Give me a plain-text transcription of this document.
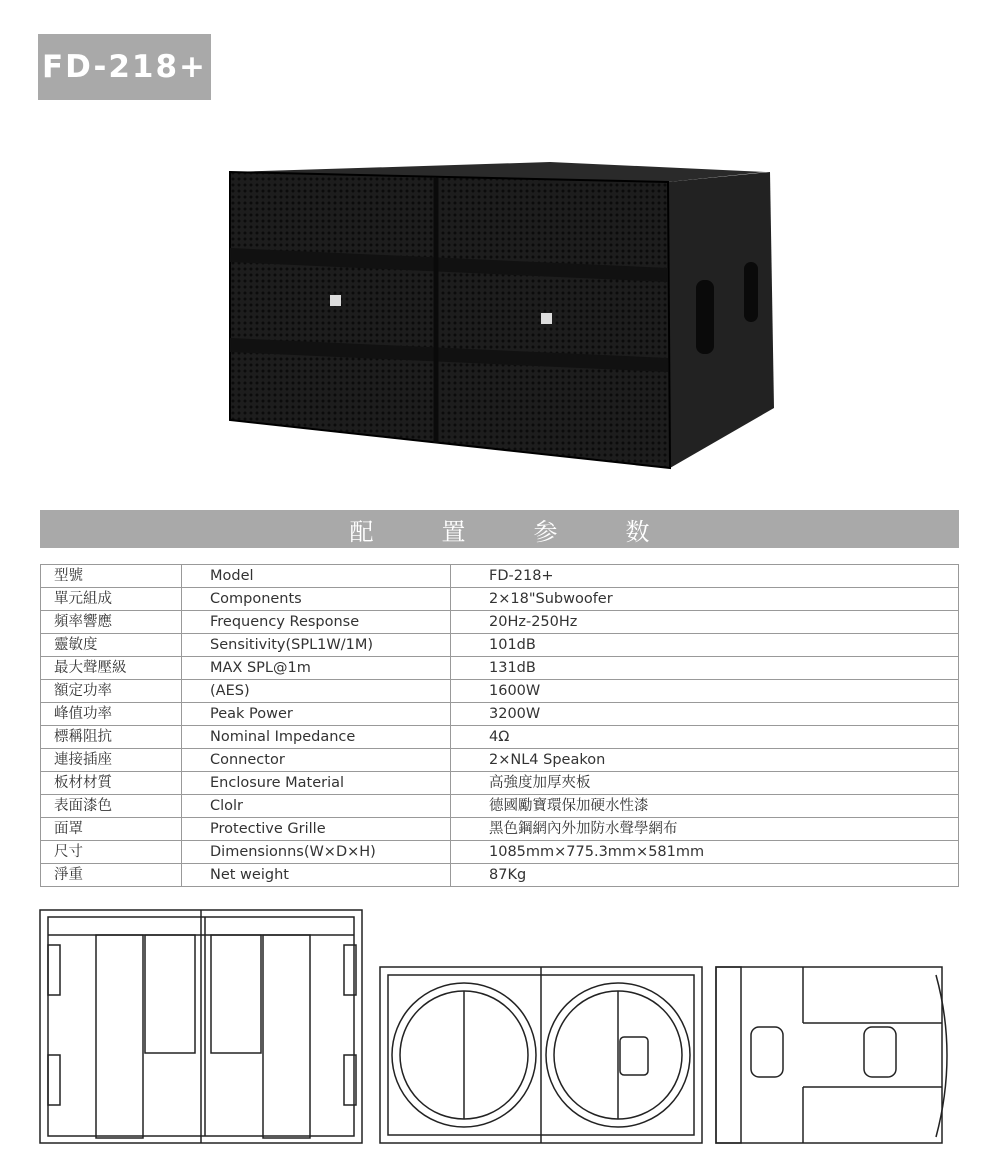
FD-218+
配置参数
型號	Model	FD-218+
單元組成	Components	2×18"Subwoofer
頻率響應	Frequency Response	20Hz-250Hz
靈敏度	Sensitivity(SPL1W/1M)	101dB
最大聲壓級	MAX SPL@1m	131dB
額定功率	(AES)	1600W
峰值功率	Peak Power	3200W
標稱阻抗	Nominal Impedance	4Ω
連接插座	Connector	2×NL4 Speakon
板材材質	Enclosure Material	高強度加厚夾板
表面漆色	Clolr	德國勵寶環保加硬水性漆
面罩	Protective Grille	黑色鋼網內外加防水聲學網布
尺寸	Dimensionns(W×D×H)	1085mm×775.3mm×581mm
淨重	Net weight	87Kg
